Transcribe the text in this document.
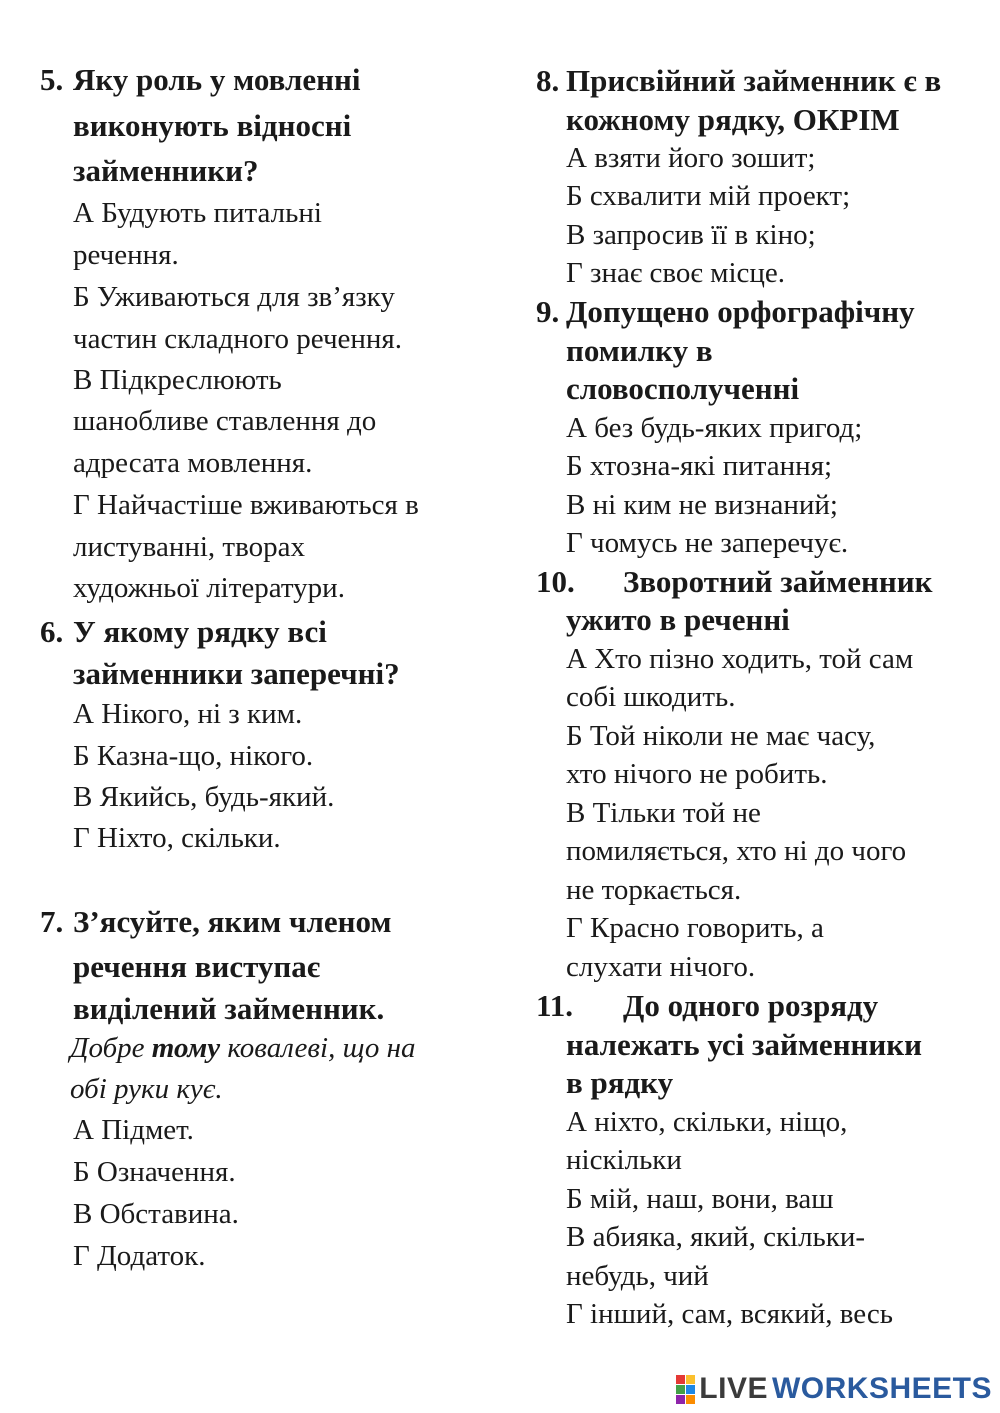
5. Яку роль у мовленні
виконують відносні
займенники?
А Будують питальні
речення.
Б Уживаються для зв’язку
частин складного речення.
В Підкреслюють
шанобливе ставлення до
адресата мовлення.
Г Найчастіше вживаються в
листуванні, творах
художньої літератури.
6. У якому рядку всі
займенники заперечні?
А Нікого, ні з ким.
Б Казна-що, нікого.
В Якийсь, будь-який.
Г Ніхто, скільки.
7. З’ясуйте, яким членом
речення виступає
виділений займенник.
Добре тому ковалеві, що на
обі руки кує.
А Підмет.
Б Означення.
В Обставина.
Г Додаток.
8. Присвійний займенник є в
кожному рядку, ОКРІМ
А взяти його зошит;
Б схвалити мій проект;
В запросив її в кіно;
Г знає своє місце.
9. Допущено орфографічну
помилку в
словосполученні
А без будь-яких пригод;
Б хтозна-які питання;
В ні ким не визнаний;
Г чомусь не заперечує.
10. Зворотний займенник
ужито в реченні
А Хто пізно ходить, той сам
собі шкодить.
Б Той ніколи не має часу,
хто нічого не робить.
В Тільки той не
помиляється, хто ні до чого
не торкається.
Г Красно говорить, а
слухати нічого.
11. До одного розряду
належать усі займенники
в рядку
А ніхто, скільки, ніщо,
ніскільки
Б мій, наш, вони, ваш
В абияка, який, скільки-
небудь, чий
Г інший, сам, всякий, весь
LIVE WORKSHEETS
